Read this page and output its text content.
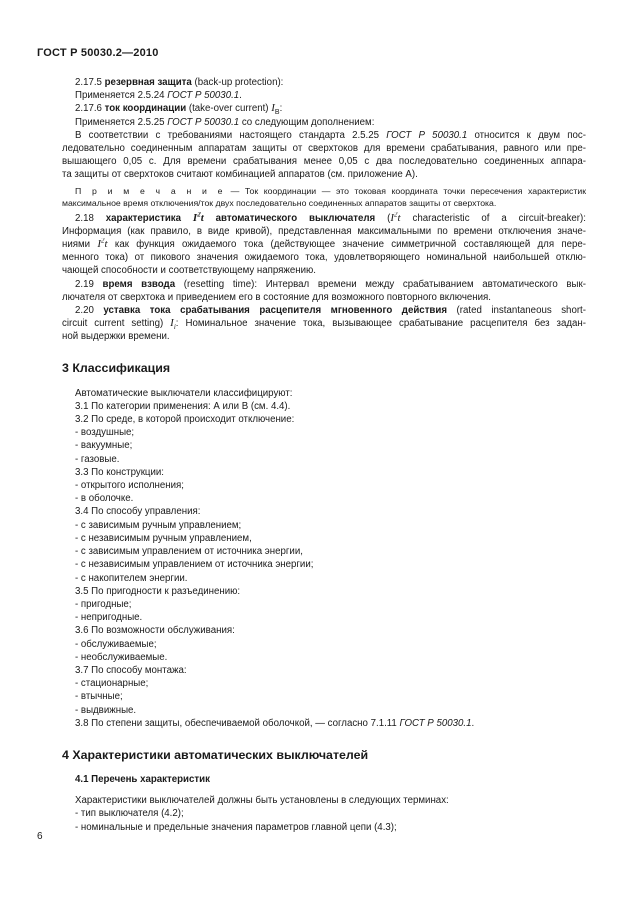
ГОСТ Р 50030.2—2010
2.17.5 резервная защита (back-up protection):
Применяется 2.5.24 ГОСТ Р 50030.1.
2.17.6 ток координации (take-over current) $I_B$:
Применяется 2.5.25 ГОСТ Р 50030.1 со следующим дополнением:
В соответствии с требованиями настоящего стандарта 2.5.25 ГОСТ Р 50030.1 относится к двум пос-
ледовательно соединенным аппаратам защиты от сверхтоков для времени срабатывания, равного или пре-
вышающего 0,05 с. Для времени срабатывания менее 0,05 с два последовательно соединенных аппара-
та защиты от сверхтоков считают комбинацией аппаратов (см. приложение А).
П р и м е ч а н и е — Ток координации — это токовая координата точки пересечения характеристик
максимальное время отключения/ток двух последовательно соединенных аппаратов защиты от сверхтока.
2.18 характеристика $I^2t$ автоматического выключателя ($I^2t$ characteristic of a circuit-breaker):
Информация (как правило, в виде кривой), представленная максимальными по времени отключения значе-
ниями $I^2t$ как функция ожидаемого тока (действующее значение симметричной составляющей для пере-
менного тока) от пикового значения ожидаемого тока, удовлетворяющего номинальной наибольшей отклю-
чающей способности и соответствующему напряжению.
2.19 время взвода (resetting time): Интервал времени между срабатыванием автоматического вык-
лючателя от сверхтока и приведением его в состояние для возможного повторного включения.
2.20 уставка тока срабатывания расцепителя мгновенного действия (rated instantaneous short-
circuit current setting) $I_i$: Номинальное значение тока, вызывающее срабатывание расцепителя без задан-
ной выдержки времени.
3 Классификация
Автоматические выключатели классифицируют:
3.1 По категории применения: А или В (см. 4.4).
3.2 По среде, в которой происходит отключение:
- воздушные;
- вакуумные;
- газовые.
3.3 По конструкции:
- открытого исполнения;
- в оболочке.
3.4 По способу управления:
- с зависимым ручным управлением;
- с независимым ручным управлением,
- с зависимым управлением от источника энергии,
- с независимым управлением от источника энергии;
- с накопителем энергии.
3.5 По пригодности к разъединению:
- пригодные;
- непригодные.
3.6 По возможности обслуживания:
- обслуживаемые;
- необслуживаемые.
3.7 По способу монтажа:
- стационарные;
- втычные;
- выдвижные.
3.8 По степени защиты, обеспечиваемой оболочкой, — согласно 7.1.11 ГОСТ Р 50030.1.
4 Характеристики автоматических выключателей
4.1 Перечень характеристик
Характеристики выключателей должны быть установлены в следующих терминах:
- тип выключателя (4.2);
- номинальные и предельные значения параметров главной цепи (4.3);
6
